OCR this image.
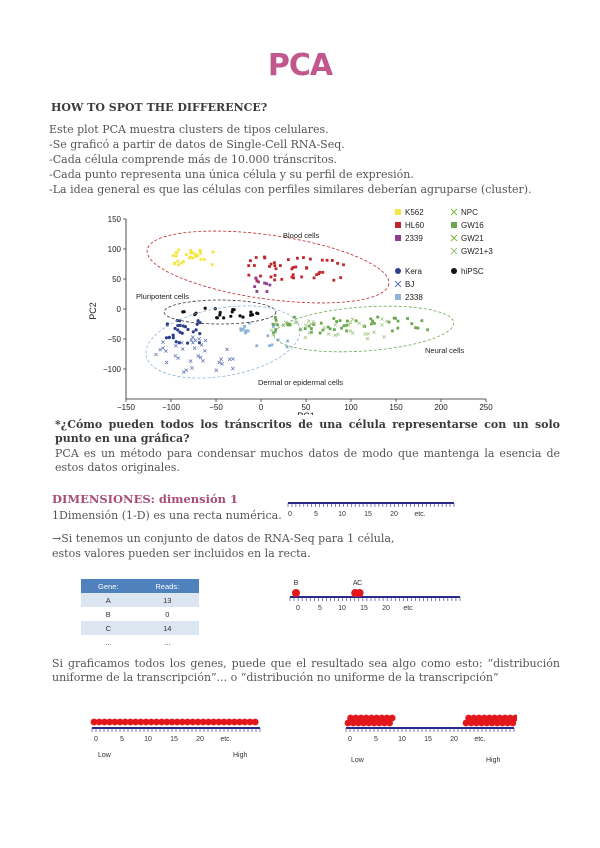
PCA
HOW TO SPOT THE DIFFERENCE?
Este plot PCA muestra clusters de tipos celulares.
-Se graficó a partir de datos de Single-Cell RNA-Seq.
-Cada célula comprende más de 10.000 tránscritos.
-Cada punto representa una única célula y su perfil de expresión.
-La idea general es que las células con perfiles similares deberían agruparse (cluster).
−150	−100	−50	0	50	100	150	200	250
150
100
50
0
−50
−100
PC2
Blood cells
Pluripotent cells
Neural cells
Dermal or epidermal cells
K562
HL60
2339
NPC
GW16
GW21
GW21+3
Kera
BJ
2338
hiPSC
*¿Cómo pueden todos los tránscritos de una célula representarse con un solo punto en una gráfica?
PCA es un método para condensar muchos datos de modo que mantenga la esencia de estos datos originales.
DIMENSIONES: dimensión 1
1Dimensión (1-D) es una recta numérica. 0	5	10	15	20 etc.
→Si tenemos un conjunto de datos de RNA-Seq para 1 célula,
estos valores pueden ser incluidos en la recta.
Gene:	Reads:
A	13
B	0
C	14
...	...
0	5 10 15 20 etc
B	A C
Si graficamos todos los genes, puede que el resultado sea algo como esto: “distribución uniforme de la transcripción”... o “distribución no uniforme de la transcripción”
0	5	10	15	20 etc.
Low	High
0	5	10	15	20 etc.
Low	High
